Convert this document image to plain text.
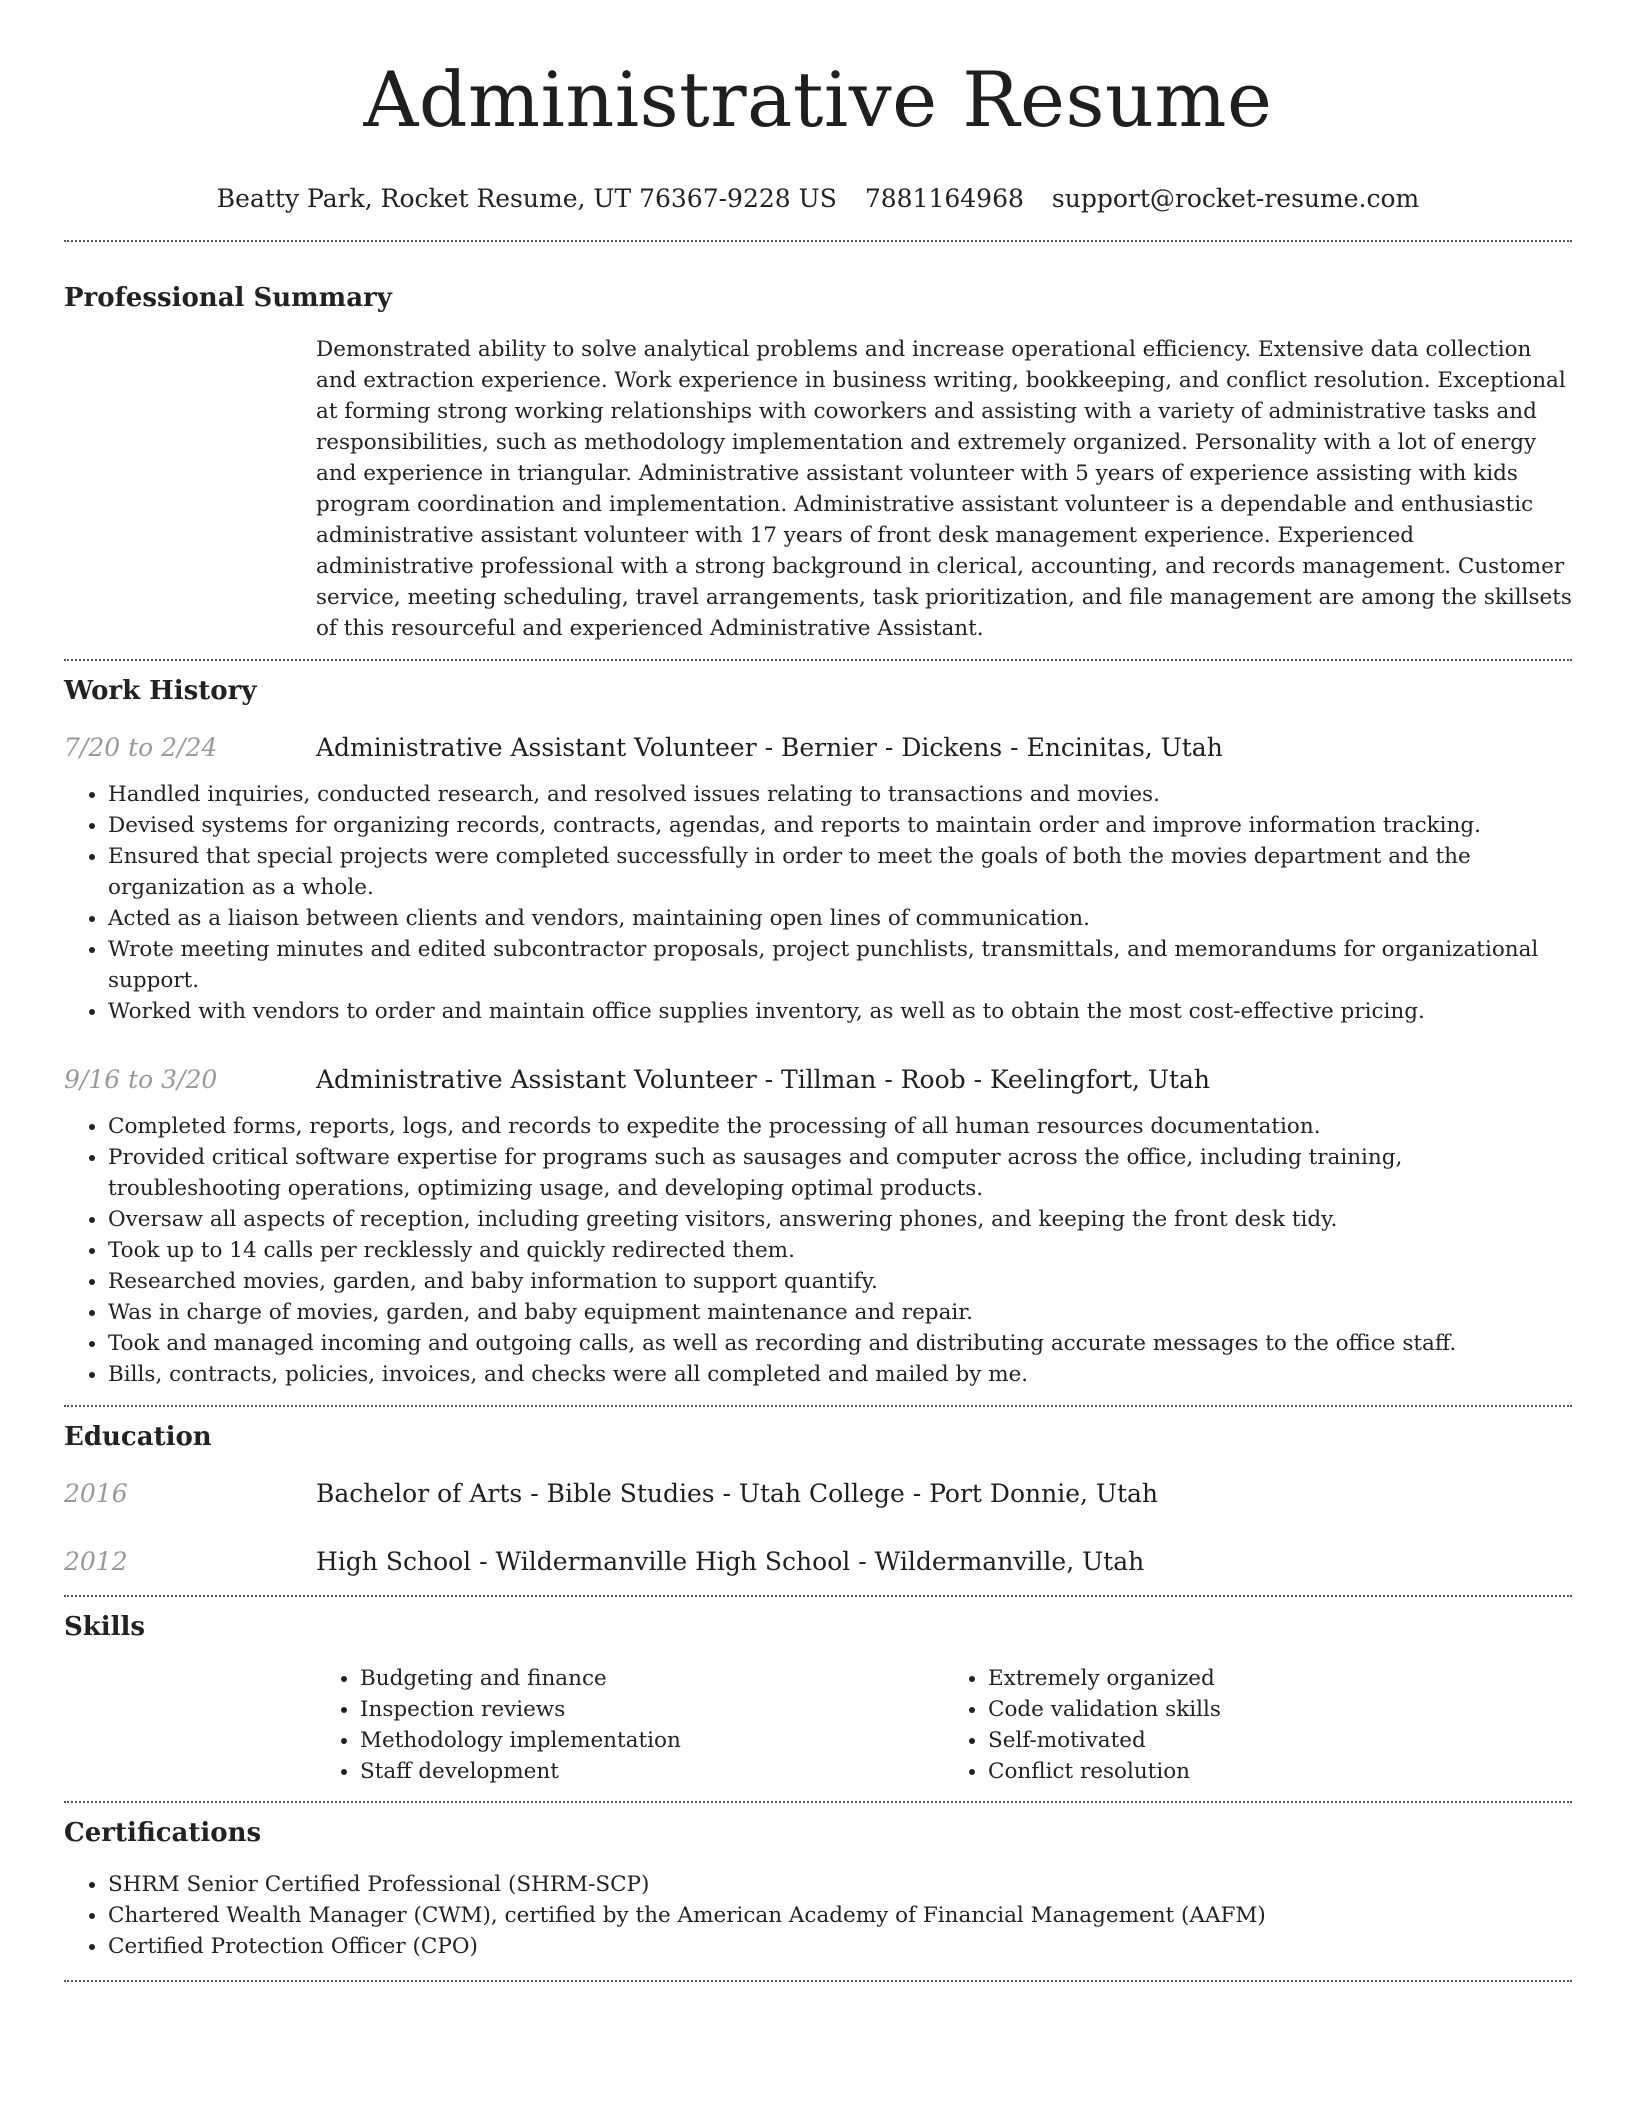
Administrative Resume
Beatty Park, Rocket Resume, UT 76367-9228 US 7881164968 support@rocket-resume.com
Professional Summary

Demonstrated ability to solve analytical problems and increase operational efficiency. Extensive data collection and extraction experience. Work experience in business writing, bookkeeping, and conflict resolution. Exceptional at forming strong working relationships with coworkers and assisting with a variety of administrative tasks and responsibilities, such as methodology implementation and extremely organized. Personality with a lot of energy and experience in triangular. Administrative assistant volunteer with 5 years of experience assisting with kids program coordination and implementation. Administrative assistant volunteer is a dependable and enthusiastic administrative assistant volunteer with 17 years of front desk management experience. Experienced administrative professional with a strong background in clerical, accounting, and records management. Customer service, meeting scheduling, travel arrangements, task prioritization, and file management are among the skillsets of this resourceful and experienced Administrative Assistant.

Work History
7/20 to 2/24	Administrative Assistant Volunteer - Bernier - Dickens - Encinitas, Utah
• Handled inquiries, conducted research, and resolved issues relating to transactions and movies.
• Devised systems for organizing records, contracts, agendas, and reports to maintain order and improve information tracking.
• Ensured that special projects were completed successfully in order to meet the goals of both the movies department and the organization as a whole.
• Acted as a liaison between clients and vendors, maintaining open lines of communication.
• Wrote meeting minutes and edited subcontractor proposals, project punchlists, transmittals, and memorandums for organizational support.
• Worked with vendors to order and maintain office supplies inventory, as well as to obtain the most cost-effective pricing.
9/16 to 3/20	Administrative Assistant Volunteer - Tillman - Roob - Keelingfort, Utah
• Completed forms, reports, logs, and records to expedite the processing of all human resources documentation.
• Provided critical software expertise for programs such as sausages and computer across the office, including training, troubleshooting operations, optimizing usage, and developing optimal products.
• Oversaw all aspects of reception, including greeting visitors, answering phones, and keeping the front desk tidy.
• Took up to 14 calls per recklessly and quickly redirected them.
• Researched movies, garden, and baby information to support quantify.
• Was in charge of movies, garden, and baby equipment maintenance and repair.
• Took and managed incoming and outgoing calls, as well as recording and distributing accurate messages to the office staff.
• Bills, contracts, policies, invoices, and checks were all completed and mailed by me.
Education
2016	Bachelor of Arts - Bible Studies - Utah College - Port Donnie, Utah
2012	High School - Wildermanville High School - Wildermanville, Utah
Skills
• Budgeting and finance
• Inspection reviews
• Methodology implementation
• Staff development
• Extremely organized
• Code validation skills
• Self-motivated
• Conflict resolution
Certifications
• SHRM Senior Certified Professional (SHRM-SCP)
• Chartered Wealth Manager (CWM), certified by the American Academy of Financial Management (AAFM)
• Certified Protection Officer (CPO)
